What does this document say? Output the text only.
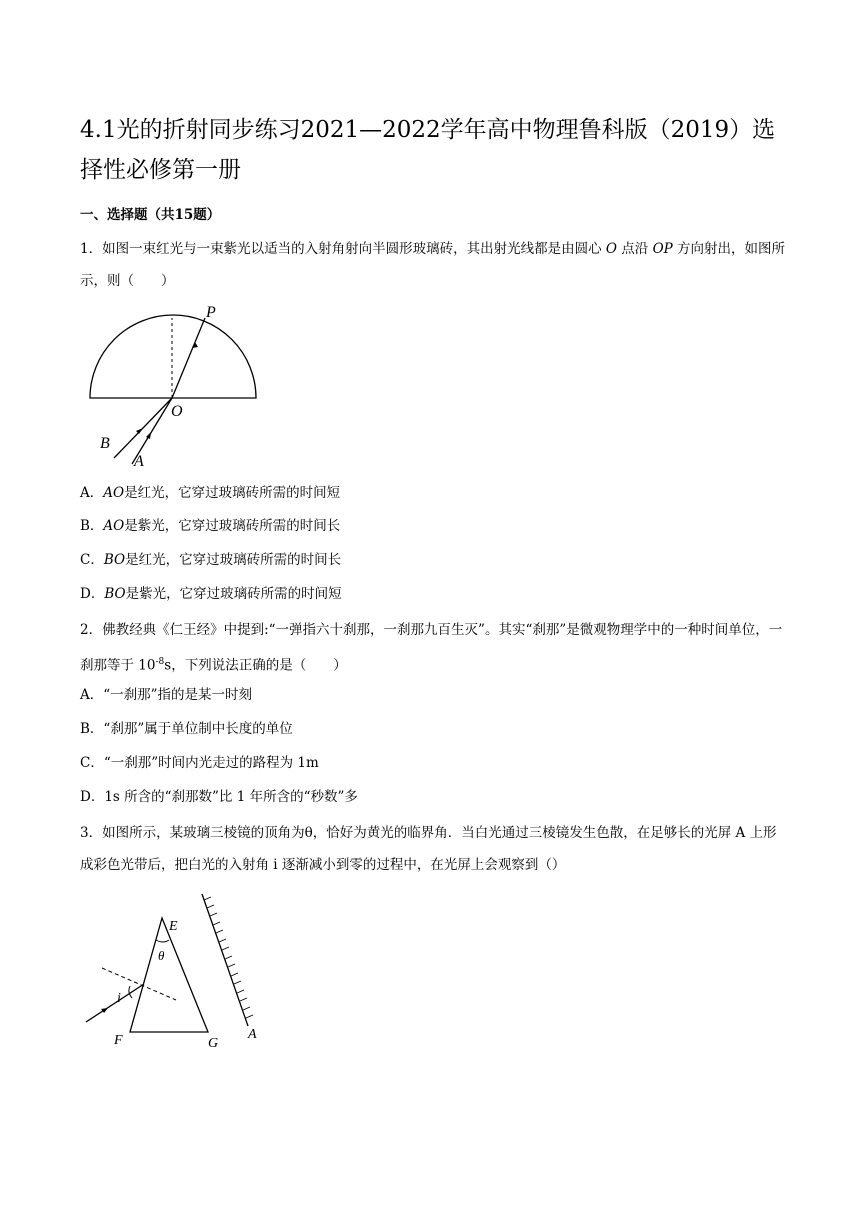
4.1光的折射同步练习2021—2022学年高中物理鲁科版（2019）选择性必修第一册
一、选择题（共15题）
1．如图一束红光与一束紫光以适当的入射角射向半圆形玻璃砖，其出射光线都是由圆心 O 点沿 OP 方向射出，如图所示，则（　　）
P
O
B
A
A．AO是红光，它穿过玻璃砖所需的时间短
B．AO是紫光，它穿过玻璃砖所需的时间长
C．BO是红光，它穿过玻璃砖所需的时间长
D．BO是紫光，它穿过玻璃砖所需的时间短
2．佛教经典《仁王经》中提到:“一弹指六十刹那，一刹那九百生灭”。其实“刹那”是微观物理学中的一种时间单位，一刹那等于 $10^{-8}s$，下列说法正确的是（　　）
A．“一刹那”指的是某一时刻
B．“刹那”属于单位制中长度的单位
C．“一刹那”时间内光走过的路程为 1m
D．1s 所含的“刹那数”比 1 年所含的“秒数”多
3．如图所示，某玻璃三棱镜的顶角为θ，恰好为黄光的临界角．当白光通过三棱镜发生色散，在足够长的光屏 A 上形成彩色光带后，把白光的入射角 i 逐渐减小到零的过程中，在光屏上会观察到（）
E
θ
i
F	G
A
